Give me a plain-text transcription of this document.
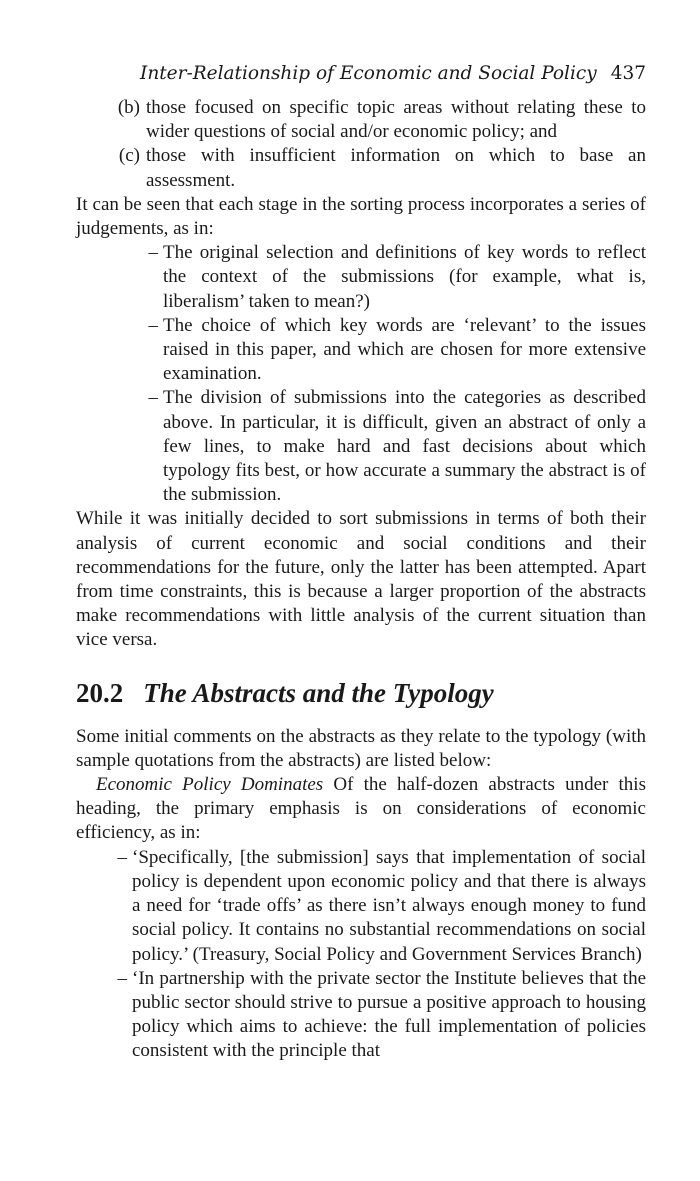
Inter-Relationship of Economic and Social Policy 437
(b) those focused on specific topic areas without relating these to wider questions of social and/or economic policy; and
(c) those with insufficient information on which to base an assessment.

It can be seen that each stage in the sorting process incorporates a series of judgements, as in:

– The original selection and definitions of key words to reflect the context of the submissions (for example, what is, liberalism’ taken to mean?)
– The choice of which key words are ‘relevant’ to the issues raised in this paper, and which are chosen for more extensive examination.
– The division of submissions into the categories as described above. In particular, it is difficult, given an abstract of only a few lines, to make hard and fast decisions about which typology fits best, or how accurate a summary the abstract is of the submission.

While it was initially decided to sort submissions in terms of both their analysis of current economic and social conditions and their recommendations for the future, only the latter has been attempted. Apart from time constraints, this is because a larger proportion of the abstracts make recommendations with little analysis of the current situation than vice versa.

20.2 The Abstracts and the Typology

Some initial comments on the abstracts as they relate to the typology (with sample quotations from the abstracts) are listed below:

Economic Policy Dominates Of the half-dozen abstracts under this heading, the primary emphasis is on considerations of economic efficiency, as in:

– ‘Specifically, [the submission] says that implementation of social policy is dependent upon economic policy and that there is always a need for ‘trade offs’ as there isn’t always enough money to fund social policy. It contains no substantial recommendations on social policy.’ (Treasury, Social Policy and Government Services Branch)
– ‘In partnership with the private sector the Institute believes that the public sector should strive to pursue a positive approach to housing policy which aims to achieve: the full implementation of policies consistent with the principle that
